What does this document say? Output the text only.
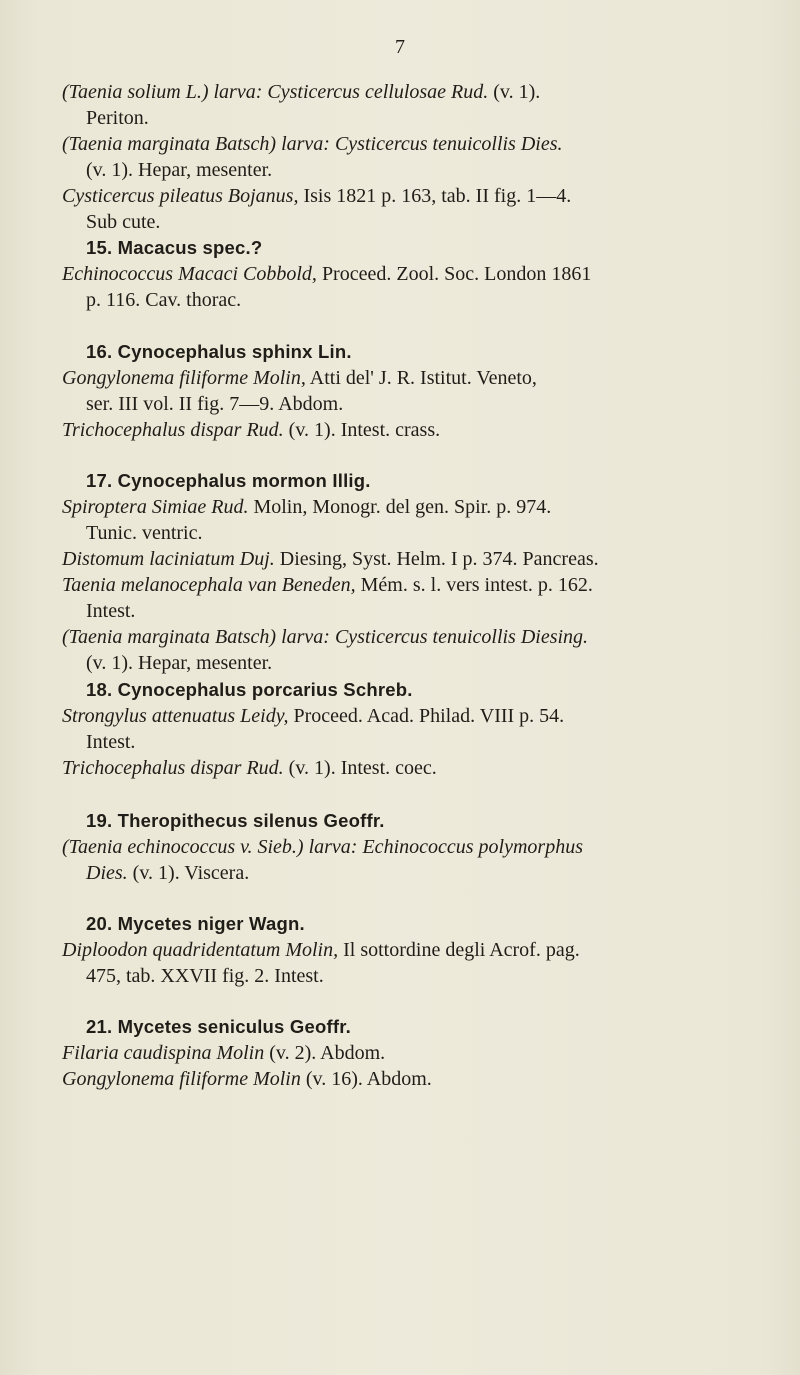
7
(Taenia solium L.) larva: Cysticercus cellulosae Rud. (v. 1).
Periton.
(Taenia marginata Batsch) larva: Cysticercus tenuicollis Dies.
(v. 1). Hepar, mesenter.
Cysticercus pileatus Bojanus, Isis 1821 p. 163, tab. II fig. 1—4.
Sub cute.
15. Macacus spec.?
Echinococcus Macaci Cobbold, Proceed. Zool. Soc. London 1861
p. 116. Cav. thorac.
16. Cynocephalus sphinx Lin.
Gongylonema filiforme Molin, Atti del' J. R. Istitut. Veneto,
ser. III vol. II fig. 7—9. Abdom.
Trichocephalus dispar Rud. (v. 1). Intest. crass.
17. Cynocephalus mormon Illig.
Spiroptera Simiae Rud. Molin, Monogr. del gen. Spir. p. 974.
Tunic. ventric.
Distomum laciniatum Duj. Diesing, Syst. Helm. I p. 374. Pancreas.
Taenia melanocephala van Beneden, Mém. s. l. vers intest. p. 162.
Intest.
(Taenia marginata Batsch) larva: Cysticercus tenuicollis Diesing.
(v. 1). Hepar, mesenter.
18. Cynocephalus porcarius Schreb.
Strongylus attenuatus Leidy, Proceed. Acad. Philad. VIII p. 54.
Intest.
Trichocephalus dispar Rud. (v. 1). Intest. coec.
19. Theropithecus silenus Geoffr.
(Taenia echinococcus v. Sieb.) larva: Echinococcus polymorphus
Dies. (v. 1). Viscera.
20. Mycetes niger Wagn.
Diploodon quadridentatum Molin, Il sottordine degli Acrof. pag.
475, tab. XXVII fig. 2. Intest.
21. Mycetes seniculus Geoffr.
Filaria caudispina Molin (v. 2). Abdom.
Gongylonema filiforme Molin (v. 16). Abdom.
